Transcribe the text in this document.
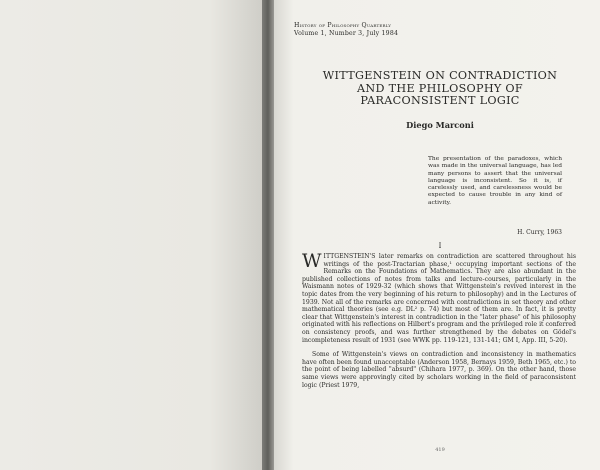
History of Philosophy Quarterly
Volume 1, Number 3, July 1984
WITTGENSTEIN ON CONTRADICTION
AND THE PHILOSOPHY OF
PARACONSISTENT LOGIC
Diego Marconi
The presentation of the paradoxes, which was made in the universal language, has led many persons to assert that the universal language is inconsistent. So it is, if carelessly used, and carelessness would be expected to cause trouble in any kind of activity.
H. Curry, 1963
I

WITTGENSTEIN'S later remarks on contradiction are scattered throughout his writings of the post-Tractarian phase,¹ occupying important sections of the Remarks on the Foundations of Mathematics. They are also abundant in the published collections of notes from talks and lecture-courses, particularly in the Waismann notes of 1929-32 (which shows that Wittgenstein's revived interest in the topic dates from the very beginning of his return to philosophy) and in the Lectures of 1939. Not all of the remarks are concerned with contradictions in set theory and other mathematical theories (see e.g. DL² p. 74) but most of them are. In fact, it is pretty clear that Wittgenstein's interest in contradiction in the "later phase" of his philosophy originated with his reflections on Hilbert's program and the privileged role it conferred on consistency proofs, and was further strengthened by the debates on Gödel's incompleteness result of 1931 (see WWK pp. 119-121, 131-141; GM I, App. III, 5-20).

Some of Wittgenstein's views on contradiction and inconsistency in mathematics have often been found unacceptable (Anderson 1958, Bernays 1959, Beth 1965, etc.) to the point of being labelled "absurd" (Chihara 1977, p. 369). On the other hand, those same views were approvingly cited by scholars working in the field of paraconsistent logic (Priest 1979,

419
